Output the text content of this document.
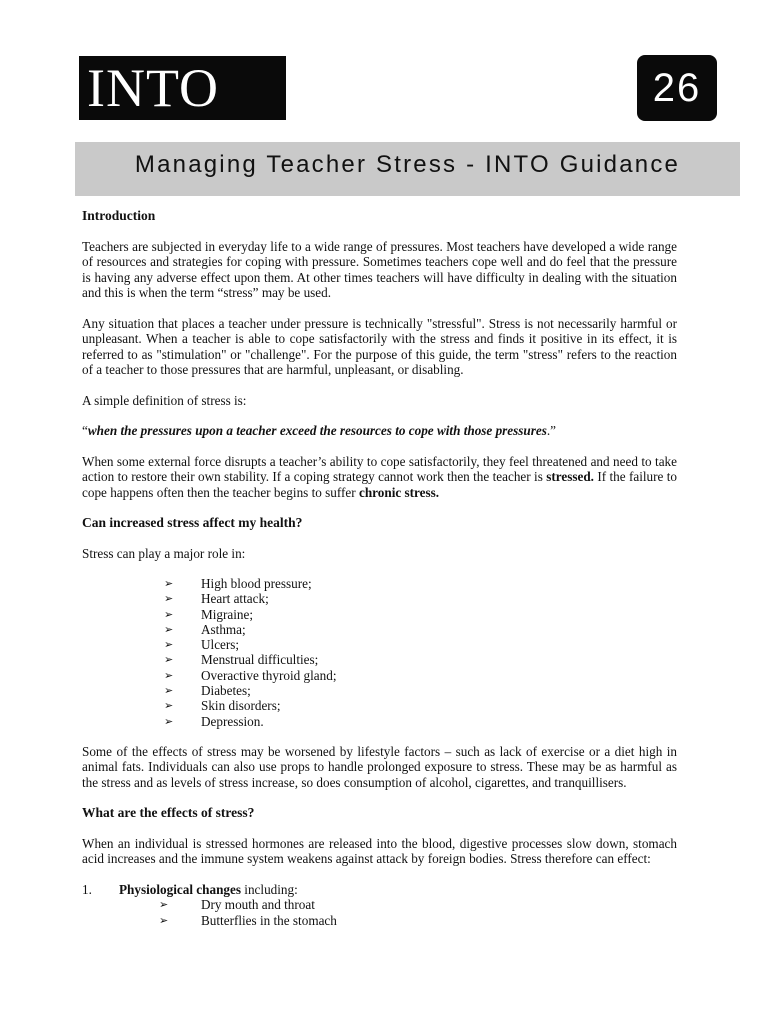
INTO	26
Managing Teacher Stress - INTO Guidance
Introduction

Teachers are subjected in everyday life to a wide range of pressures. Most teachers have developed a wide range of resources and strategies for coping with pressure. Sometimes teachers cope well and do feel that the pressure is having any adverse effect upon them. At other times teachers will have difficulty in dealing with the situation and this is when the term “stress” may be used.

Any situation that places a teacher under pressure is technically "stressful". Stress is not necessarily harmful or unpleasant. When a teacher is able to cope satisfactorily with the stress and finds it positive in its effect, it is referred to as "stimulation" or "challenge". For the purpose of this guide, the term "stress" refers to the reaction of a teacher to those pressures that are harmful, unpleasant, or disabling.

A simple definition of stress is:

“when the pressures upon a teacher exceed the resources to cope with those pressures.”

When some external force disrupts a teacher’s ability to cope satisfactorily, they feel threatened and need to take action to restore their own stability. If a coping strategy cannot work then the teacher is stressed. If the failure to cope happens often then the teacher begins to suffer chronic stress.

Can increased stress affect my health?

Stress can play a major role in:

➢ High blood pressure;
➢ Heart attack;
➢ Migraine;
➢ Asthma;
➢ Ulcers;
➢ Menstrual difficulties;
➢ Overactive thyroid gland;
➢ Diabetes;
➢ Skin disorders;
➢ Depression.

Some of the effects of stress may be worsened by lifestyle factors – such as lack of exercise or a diet high in animal fats. Individuals can also use props to handle prolonged exposure to stress. These may be as harmful as the stress and as levels of stress increase, so does consumption of alcohol, cigarettes, and tranquillisers.

What are the effects of stress?

When an individual is stressed hormones are released into the blood, digestive processes slow down, stomach acid increases and the immune system weakens against attack by foreign bodies. Stress therefore can effect:

1. Physiological changes including:
➢ Dry mouth and throat
➢ Butterflies in the stomach
